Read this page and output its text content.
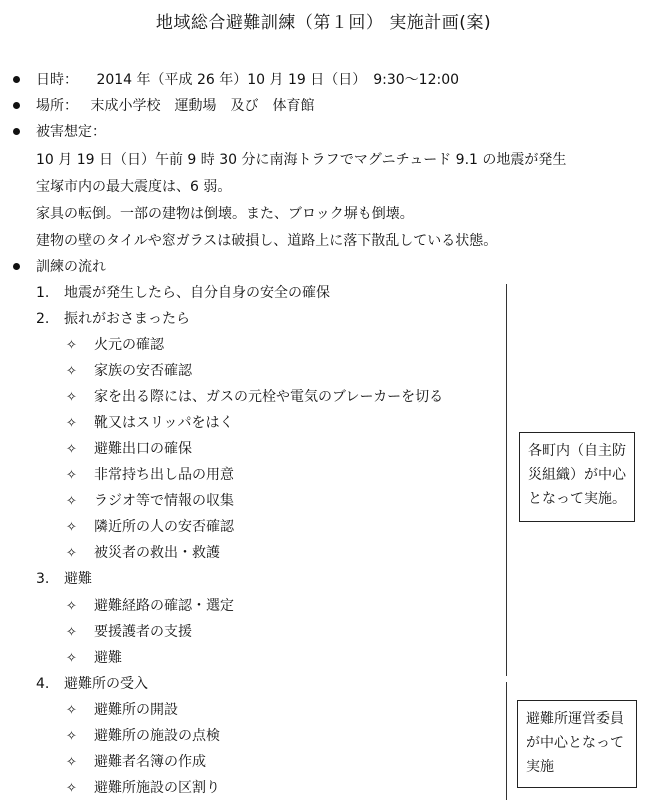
地域総合避難訓練（第１回） 実施計画(案)
日時： 2014 年（平成 26 年）10 月 19 日（日）　9:30～12:00
場所： 末成小学校　運動場　及び　体育館
被害想定：
10 月 19 日（日）午前 9 時 30 分に南海トラフでマグニチュード 9.1 の地震が発生
宝塚市内の最大震度は、6 弱。
家具の転倒。一部の建物は倒壊。また、ブロック塀も倒壊。
建物の壁のタイルや窓ガラスは破損し、道路上に落下散乱している状態。
訓練の流れ
1. 地震が発生したら、自分自身の安全の確保
2. 振れがおさまったら
✧ 火元の確認
✧ 家族の安否確認
✧ 家を出る際には、ガスの元栓や電気のブレーカーを切る
✧ 靴又はスリッパをはく
✧ 避難出口の確保
✧ 非常持ち出し品の用意
✧ ラジオ等で情報の収集
✧ 隣近所の人の安否確認
✧ 被災者の救出・救護
3. 避難
✧ 避難経路の確認・選定
✧ 要援護者の支援
✧ 避難
4. 避難所の受入
✧ 避難所の開設
✧ 避難所の施設の点検
✧ 避難者名簿の作成
✧ 避難所施設の区割り
各町内（自主防災組織）が中心となって実施。
避難所運営委員が中心となって実施
